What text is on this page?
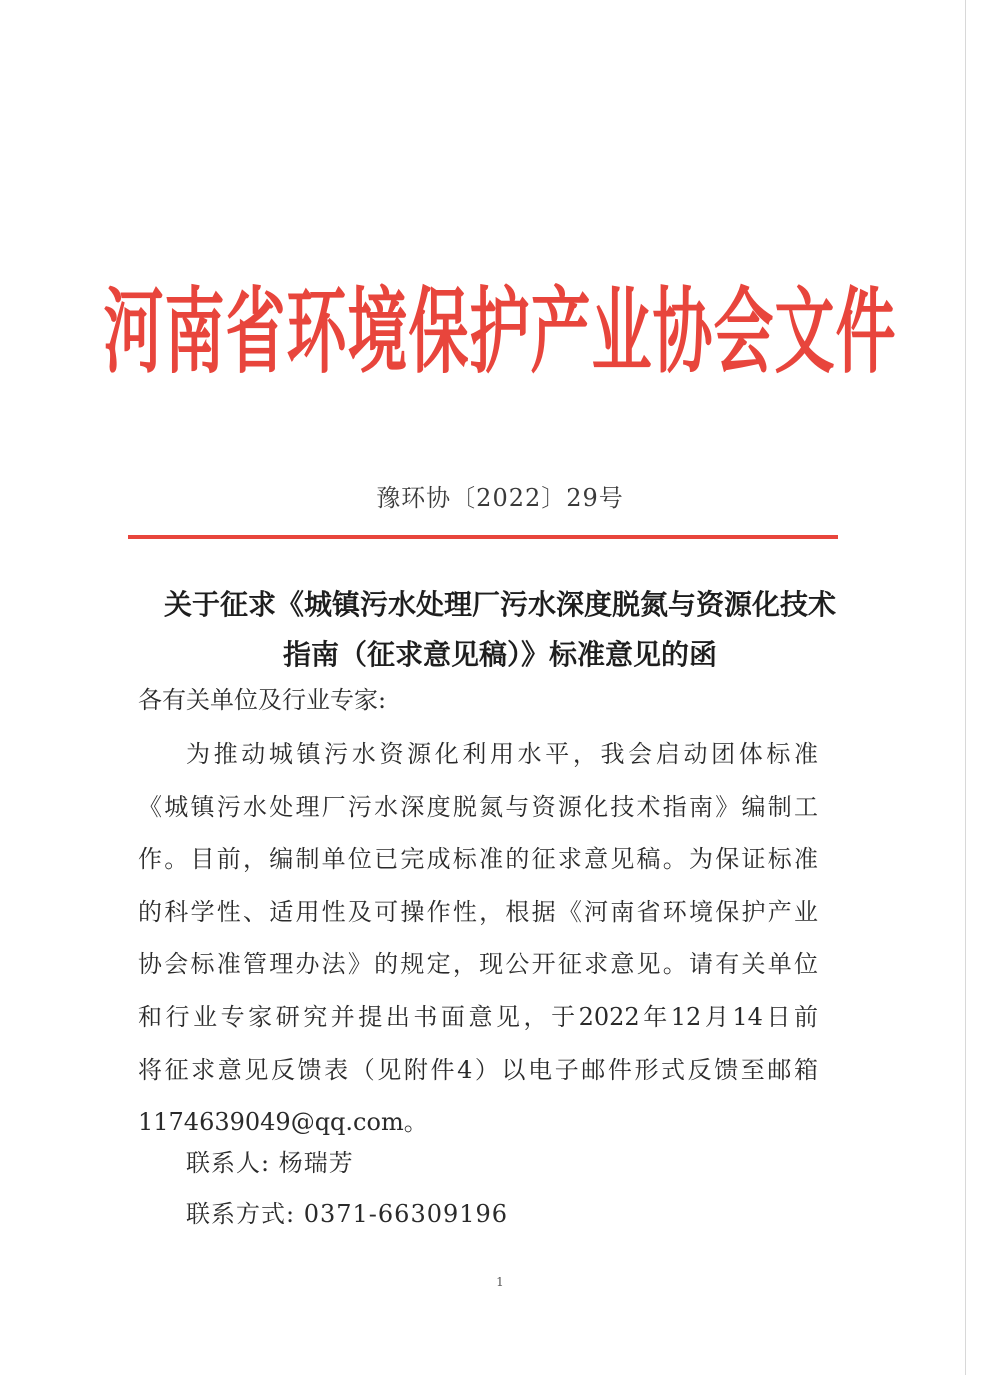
河南省环境保护产业协会文件
豫环协〔2022〕29号
关于征求《城镇污水处理厂污水深度脱氮与资源化技术
指南（征求意见稿）》标准意见的函
各有关单位及行业专家:
为推动城镇污水资源化利用水平，我会启动团体标准
《城镇污水处理厂污水深度脱氮与资源化技术指南》编制工
作。目前，编制单位已完成标准的征求意见稿。为保证标准
的科学性、适用性及可操作性，根据《河南省环境保护产业
协会标准管理办法》的规定，现公开征求意见。请有关单位
和行业专家研究并提出书面意见，于2022年12月14日前
将征求意见反馈表（见附件4）以电子邮件形式反馈至邮箱
1174639049@qq.com。
联系人: 杨瑞芳
联系方式: 0371-66309196
1
